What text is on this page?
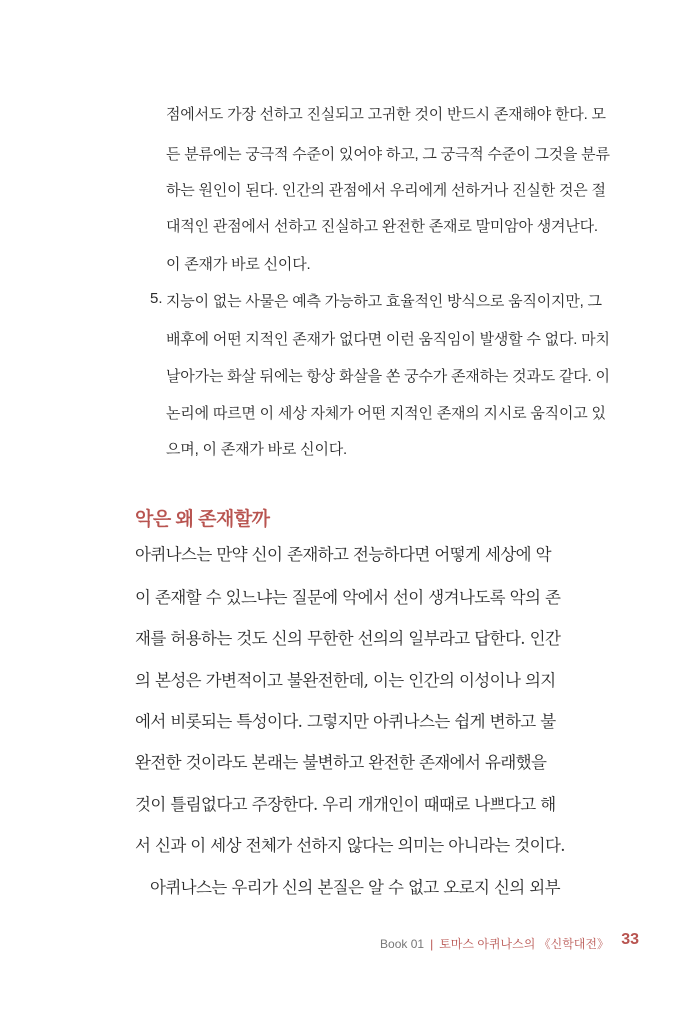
점에서도 가장 선하고 진실되고 고귀한 것이 반드시 존재해야 한다. 모
든 분류에는 궁극적 수준이 있어야 하고, 그 궁극적 수준이 그것을 분류
하는 원인이 된다. 인간의 관점에서 우리에게 선하거나 진실한 것은 절
대적인 관점에서 선하고 진실하고 완전한 존재로 말미암아 생겨난다.
이 존재가 바로 신이다.
5. 지능이 없는 사물은 예측 가능하고 효율적인 방식으로 움직이지만, 그
배후에 어떤 지적인 존재가 없다면 이런 움직임이 발생할 수 없다. 마치
날아가는 화살 뒤에는 항상 화살을 쏜 궁수가 존재하는 것과도 같다. 이
논리에 따르면 이 세상 자체가 어떤 지적인 존재의 지시로 움직이고 있
으며, 이 존재가 바로 신이다.
악은 왜 존재할까
아퀴나스는 만약 신이 존재하고 전능하다면 어떻게 세상에 악
이 존재할 수 있느냐는 질문에 악에서 선이 생겨나도록 악의 존
재를 허용하는 것도 신의 무한한 선의의 일부라고 답한다. 인간
의 본성은 가변적이고 불완전한데, 이는 인간의 이성이나 의지
에서 비롯되는 특성이다. 그렇지만 아퀴나스는 쉽게 변하고 불
완전한 것이라도 본래는 불변하고 완전한 존재에서 유래했을
것이 틀림없다고 주장한다. 우리 개개인이 때때로 나쁘다고 해
서 신과 이 세상 전체가 선하지 않다는 의미는 아니라는 것이다.
아퀴나스는 우리가 신의 본질은 알 수 없고 오로지 신의 외부
Book 01 | 토마스 아퀴나스의 《신학대전》 33
